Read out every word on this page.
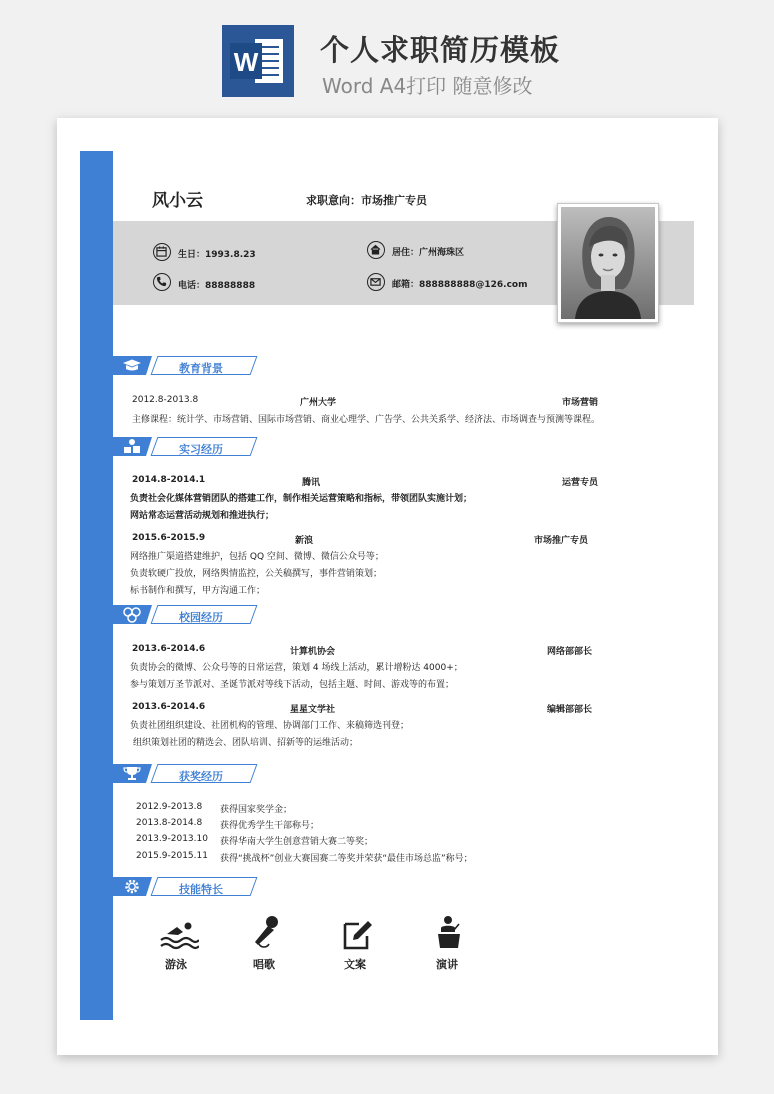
W 个人求职简历模板
Word A4打印 随意修改
风小云	求职意向：市场推广专员
生日：1993.8.23	居住：广州海珠区
电话：88888888	邮箱：888888888@126.com
教育背景
2012.8-2013.8	广州大学	市场营销
主修课程：统计学、市场营销、国际市场营销、商业心理学、广告学、公共关系学、经济法、市场调查与预测等课程。
实习经历
2014.8-2014.1	腾讯	运营专员
负责社会化媒体营销团队的搭建工作，制作相关运营策略和指标，带领团队实施计划；
网站常态运营活动规划和推进执行；
2015.6-2015.9	新浪	市场推广专员
网络推广渠道搭建维护，包括 QQ 空间、微博、微信公众号等；
负责软硬广投放，网络舆情监控，公关稿撰写，事件营销策划；
标书制作和撰写，甲方沟通工作；
校园经历
2013.6-2014.6	计算机协会	网络部部长
负责协会的微博、公众号等的日常运营，策划 4 场线上活动，累计增粉达 4000+；
参与策划万圣节派对、圣诞节派对等线下活动，包括主题、时间、游戏等的布置；
2013.6-2014.6	星星文学社	编辑部部长
负责社团组织建设、社团机构的管理、协调部门工作、来稿筛选刊登；
组织策划社团的精选会、团队培训、招新等的运维活动；
获奖经历
2012.9-2013.8 获得国家奖学金；
2013.8-2014.8 获得优秀学生干部称号；
2013.9-2013.10 获得华南大学生创意营销大赛二等奖；
2015.9-2015.11 获得“挑战杯”创业大赛国赛二等奖并荣获“最佳市场总监”称号；
技能特长
游泳	唱歌	文案	演讲
